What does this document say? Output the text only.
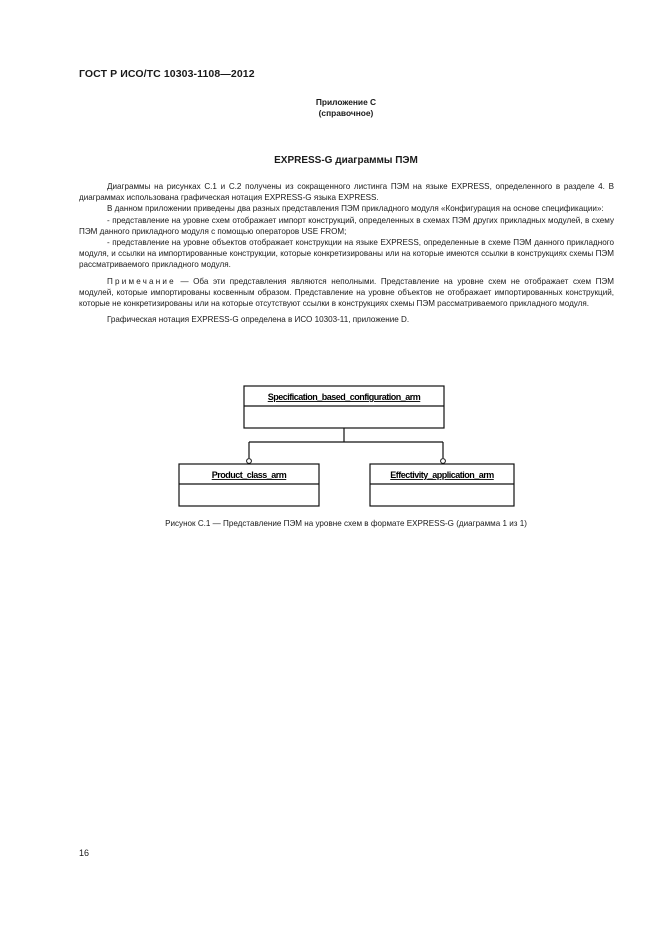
ГОСТ Р ИСО/ТС 10303-1108—2012
Приложение С
(справочное)
EXPRESS-G диаграммы ПЭМ

Диаграммы на рисунках С.1 и С.2 получены из сокращенного листинга ПЭМ на языке EXPRESS, определенного в разделе 4. В диаграммах использована графическая нотация EXPRESS-G языка EXPRESS.

В данном приложении приведены два разных представления ПЭМ прикладного модуля «Конфигурация на основе спецификации»:

- представление на уровне схем отображает импорт конструкций, определенных в схемах ПЭМ других прикладных модулей, в схему ПЭМ данного прикладного модуля с помощью операторов USE FROM;

- представление на уровне объектов отображает конструкции на языке EXPRESS, определенные в схеме ПЭМ данного прикладного модуля, и ссылки на импортированные конструкции, которые конкретизированы или на которые имеются ссылки в конструкциях схемы ПЭМ рассматриваемого прикладного модуля.

Примечание — Оба эти представления являются неполными. Представление на уровне схем не отображает схем ПЭМ модулей, которые импортированы косвенным образом. Представление на уровне объектов не отображает импортированных конструкций, которые не конкретизированы или на которые отсутствуют ссылки в конструкциях схемы ПЭМ рассматриваемого прикладного модуля.

Графическая нотация EXPRESS-G определена в ИСО 10303-11, приложение D.

Specification_based_configuration_arm
Product_class_arm	Effectivity_application_arm
Рисунок С.1 — Представление ПЭМ на уровне схем в формате EXPRESS-G (диаграмма 1 из 1)
16
